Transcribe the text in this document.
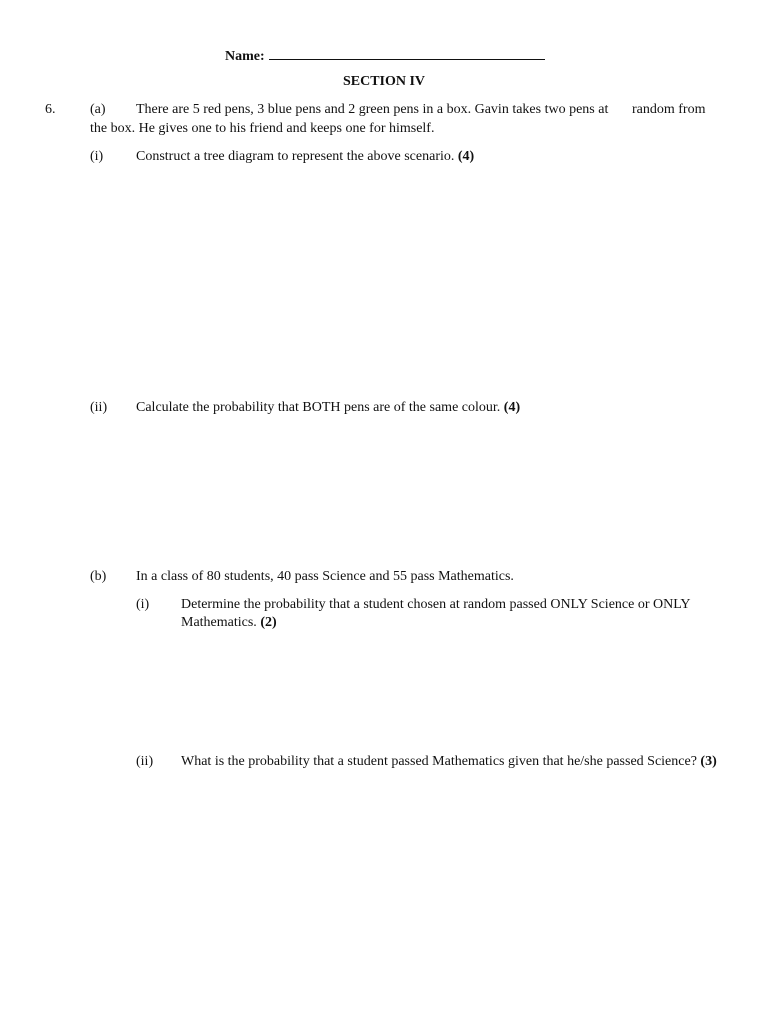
Name:
SECTION IV
6. (a) There are 5 red pens, 3 blue pens and 2 green pens in a box. Gavin takes two pens at random from
the box. He gives one to his friend and keeps one for himself.
(i) Construct a tree diagram to represent the above scenario. (4)
(ii) Calculate the probability that BOTH pens are of the same colour. (4)
(b) In a class of 80 students, 40 pass Science and 55 pass Mathematics.
(i) Determine the probability that a student chosen at random passed ONLY Science or ONLY
Mathematics. (2)
(ii) What is the probability that a student passed Mathematics given that he/she passed Science? (3)
